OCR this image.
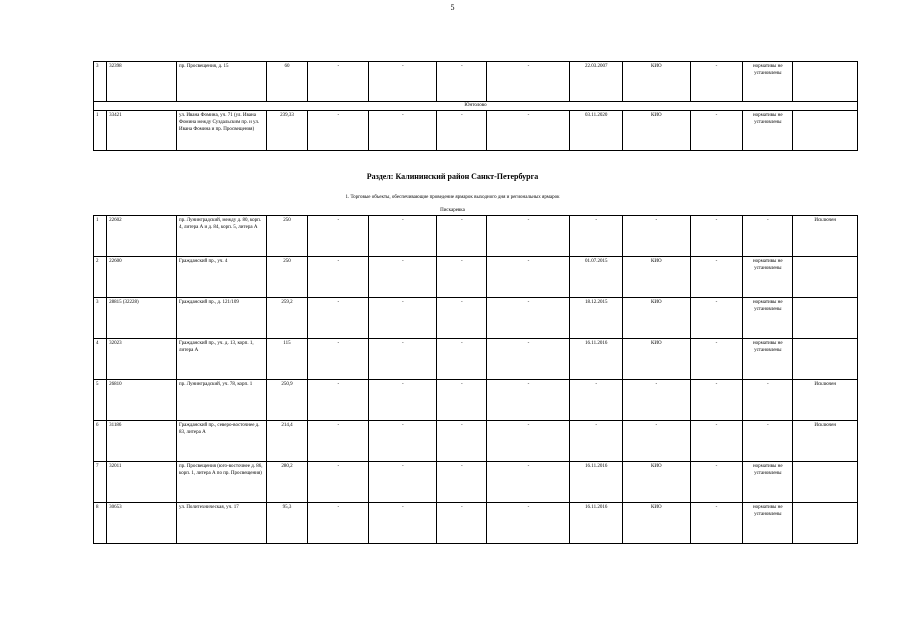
5
3	32398	пр. Просвещения, д. 15	60	-	-	-	-	22.03.2007	КИО	-	нормативы не установлены	
Юнтолово												
1	33421	ул. Ивана Фомина, уч. 71 (ул. Ивана Фомина между Суздальским пр. и ул. Ивана Фомина и пр. Просвещения)	239,33	-	-	-	-	03.11.2020	КИО	-	нормативы не установлены	
Раздел: Калининский район Санкт-Петербурга
1. Торговые объекты, обеспечивающие проведение ярмарок выходного дня и региональных ярмарок
Пискаревка
1	22602	пр. Лунинградский, между д. 80, корп. 4, литера А и д. 84, корп. 5, литера А	250	-	-	-	-	-	-	-	-	Исключен
2	22600	Гражданский пр., уч. 4	250	-	-	-	-	01.07.2015	КИО	-	нормативы не установлены	
3	28815 (32228)	Гражданский пр., д. 121/109	259,2	-	-	-	-	18.12.2015	КИО	-	нормативы не установлены	
4	32023	Гражданский пр., уч. д. 13, корп. 1, литера А	115	-	-	-	-	16.11.2016	КИО	-	нормативы не установлены	
5	26810	пр. Лунинградский, уч. 78, корп. 1	250,9	-	-	-	-	-	-	-	-	Исключен
6	31186	Гражданский пр., северо-восточнее д. 83, литера А	214,4	-	-	-	-	-	-	-	-	Исключен
7	32011	пр. Просвещения (юго-восточнее д. 86, корп. 1, литера А по пр. Просвещения)	280,2	-	-	-	-	16.11.2016	КИО	-	нормативы не установлены	
8	30653	ул. Политехническая, уч. 17	95,3	-	-	-	-	16.11.2016	КИО	-	нормативы не установлены	
